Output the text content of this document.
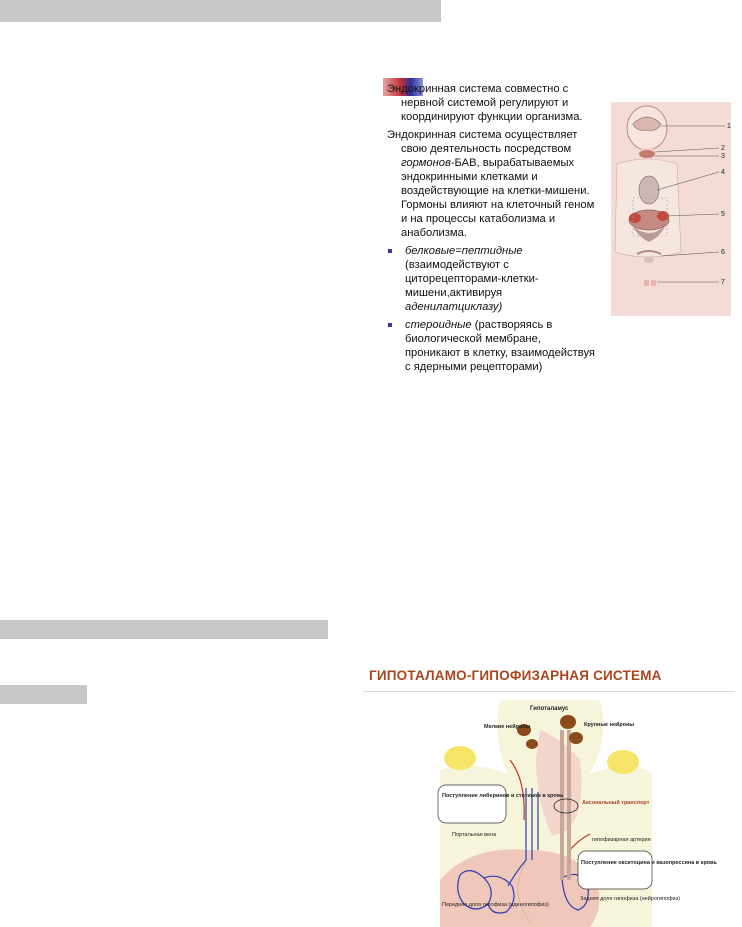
Эндокринная система совместно с нервной системой регулируют и координируют функции организма.

Эндокринная система осуществляет свою деятельность посредством гормонов-БАВ, вырабатываемых эндокринными клетками и воздействующие на клетки-мишени. Гормоны влияют на клеточный геном и на процессы катаболизма и анаболизма.

белковые=пептидные
(взаимодействуют с циторецепторами-клетки-мишени,активируя аденилатциклазу)
стероидные (растворяясь в биологической мембране, проникают в клетку, взаимодействуя с ядерными рецепторами)
1
2
3
4
5
6
7
ГИПОТАЛАМО-ГИПОФИЗАРНАЯ СИСТЕМА
Гипоталамус
Мелкие нейроны	Крупные нейроны
Поступление либеринов и статинов в кровь
Аксональный транспорт
Портальная вена
гипофизарная артерия
Поступление окситоцина и вазопрессина в кровь
Передняя доля гипофиза (аденогипофиз)
Задняя доля гипофиза (нейрогипофиз)
